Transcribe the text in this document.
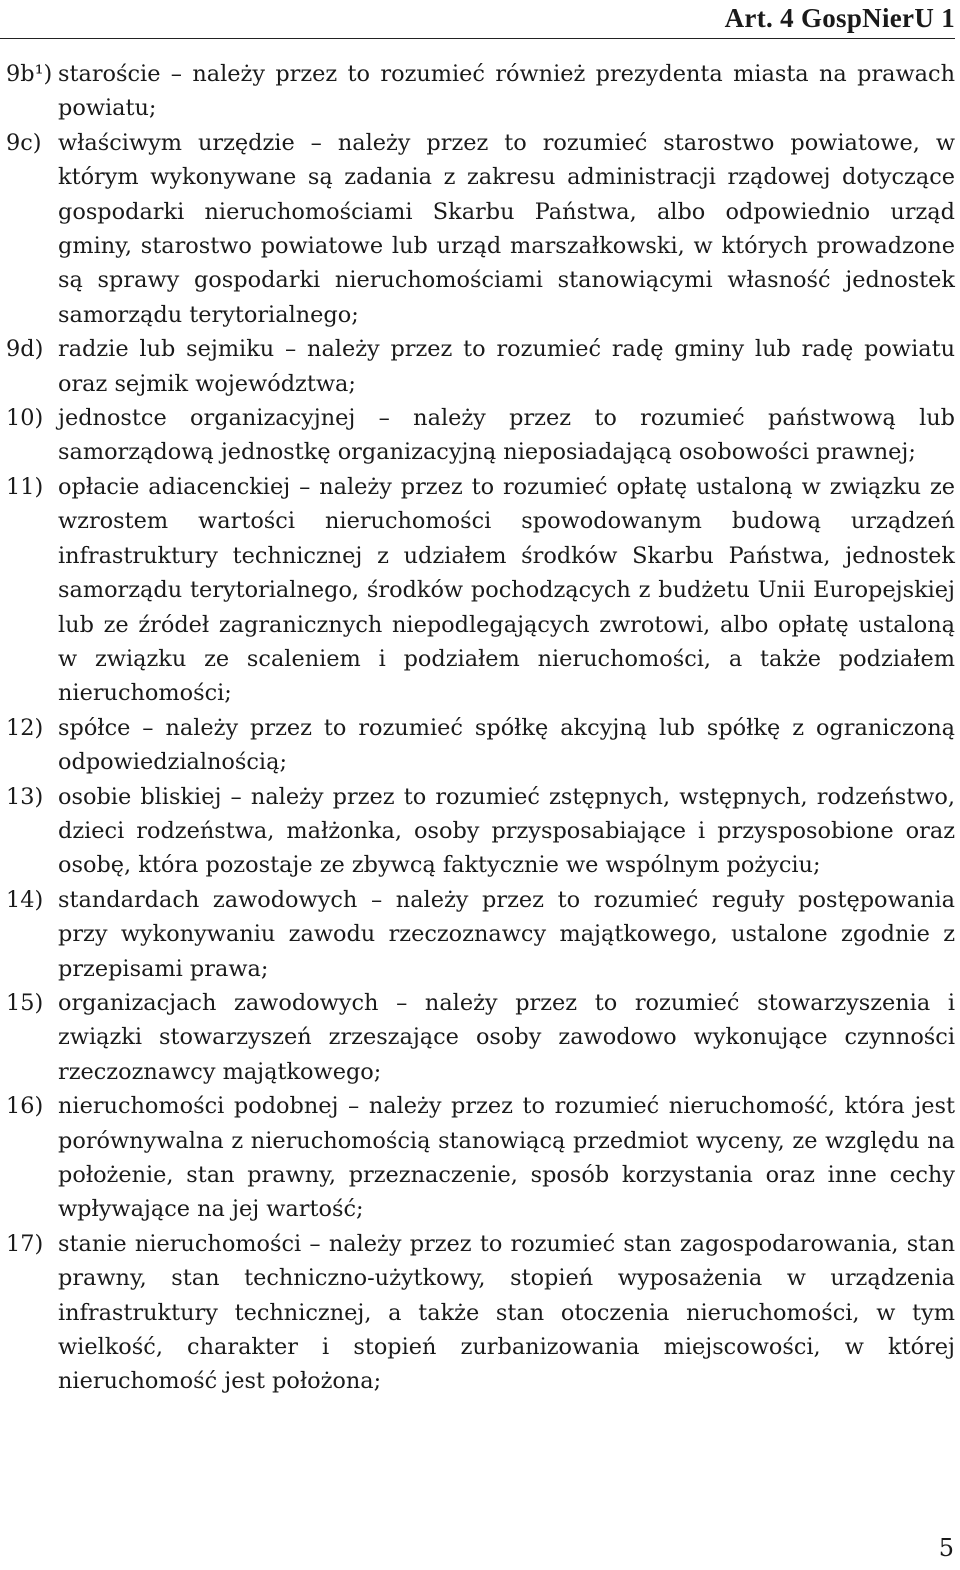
Art. 4 GospNierU 1
9b¹) staroście – należy przez to rozumieć również prezydenta miasta na prawach powiatu;
9c) właściwym urzędzie – należy przez to rozumieć starostwo powiatowe, w którym wykonywane są zadania z zakresu administracji rządowej dotyczące gospodarki nieruchomościami Skarbu Państwa, albo odpowiednio urząd gminy, starostwo powiatowe lub urząd marszałkowski, w których prowadzone są sprawy gospodarki nieruchomościami stanowiącymi własność jednostek samorządu terytorialnego;
9d) radzie lub sejmiku – należy przez to rozumieć radę gminy lub radę powiatu oraz sejmik województwa;
10) jednostce organizacyjnej – należy przez to rozumieć państwową lub samorządową jednostkę organizacyjną nieposiadającą osobowości prawnej;
11) opłacie adiacenckiej – należy przez to rozumieć opłatę ustaloną w związku ze wzrostem wartości nieruchomości spowodowanym budową urządzeń infrastruktury technicznej z udziałem środków Skarbu Państwa, jednostek samorządu terytorialnego, środków pochodzących z budżetu Unii Europejskiej lub ze źródeł zagranicznych niepodlegających zwrotowi, albo opłatę ustaloną w związku ze scaleniem i podziałem nieruchomości, a także podziałem nieruchomości;
12) spółce – należy przez to rozumieć spółkę akcyjną lub spółkę z ograniczoną odpowiedzialnością;
13) osobie bliskiej – należy przez to rozumieć zstępnych, wstępnych, rodzeństwo, dzieci rodzeństwa, małżonka, osoby przysposabiające i przysposobione oraz osobę, która pozostaje ze zbywcą faktycznie we wspólnym pożyciu;
14) standardach zawodowych – należy przez to rozumieć reguły postępowania przy wykonywaniu zawodu rzeczoznawcy majątkowego, ustalone zgodnie z przepisami prawa;
15) organizacjach zawodowych – należy przez to rozumieć stowarzyszenia i związki stowarzyszeń zrzeszające osoby zawodowo wykonujące czynności rzeczoznawcy majątkowego;
16) nieruchomości podobnej – należy przez to rozumieć nieruchomość, która jest porównywalna z nieruchomością stanowiącą przedmiot wyceny, ze względu na położenie, stan prawny, przeznaczenie, sposób korzystania oraz inne cechy wpływające na jej wartość;
17) stanie nieruchomości – należy przez to rozumieć stan zagospodarowania, stan prawny, stan techniczno-użytkowy, stopień wyposażenia w urządzenia infrastruktury technicznej, a także stan otoczenia nieruchomości, w tym wielkość, charakter i stopień zurbanizowania miejscowości, w której nieruchomość jest położona;
5
